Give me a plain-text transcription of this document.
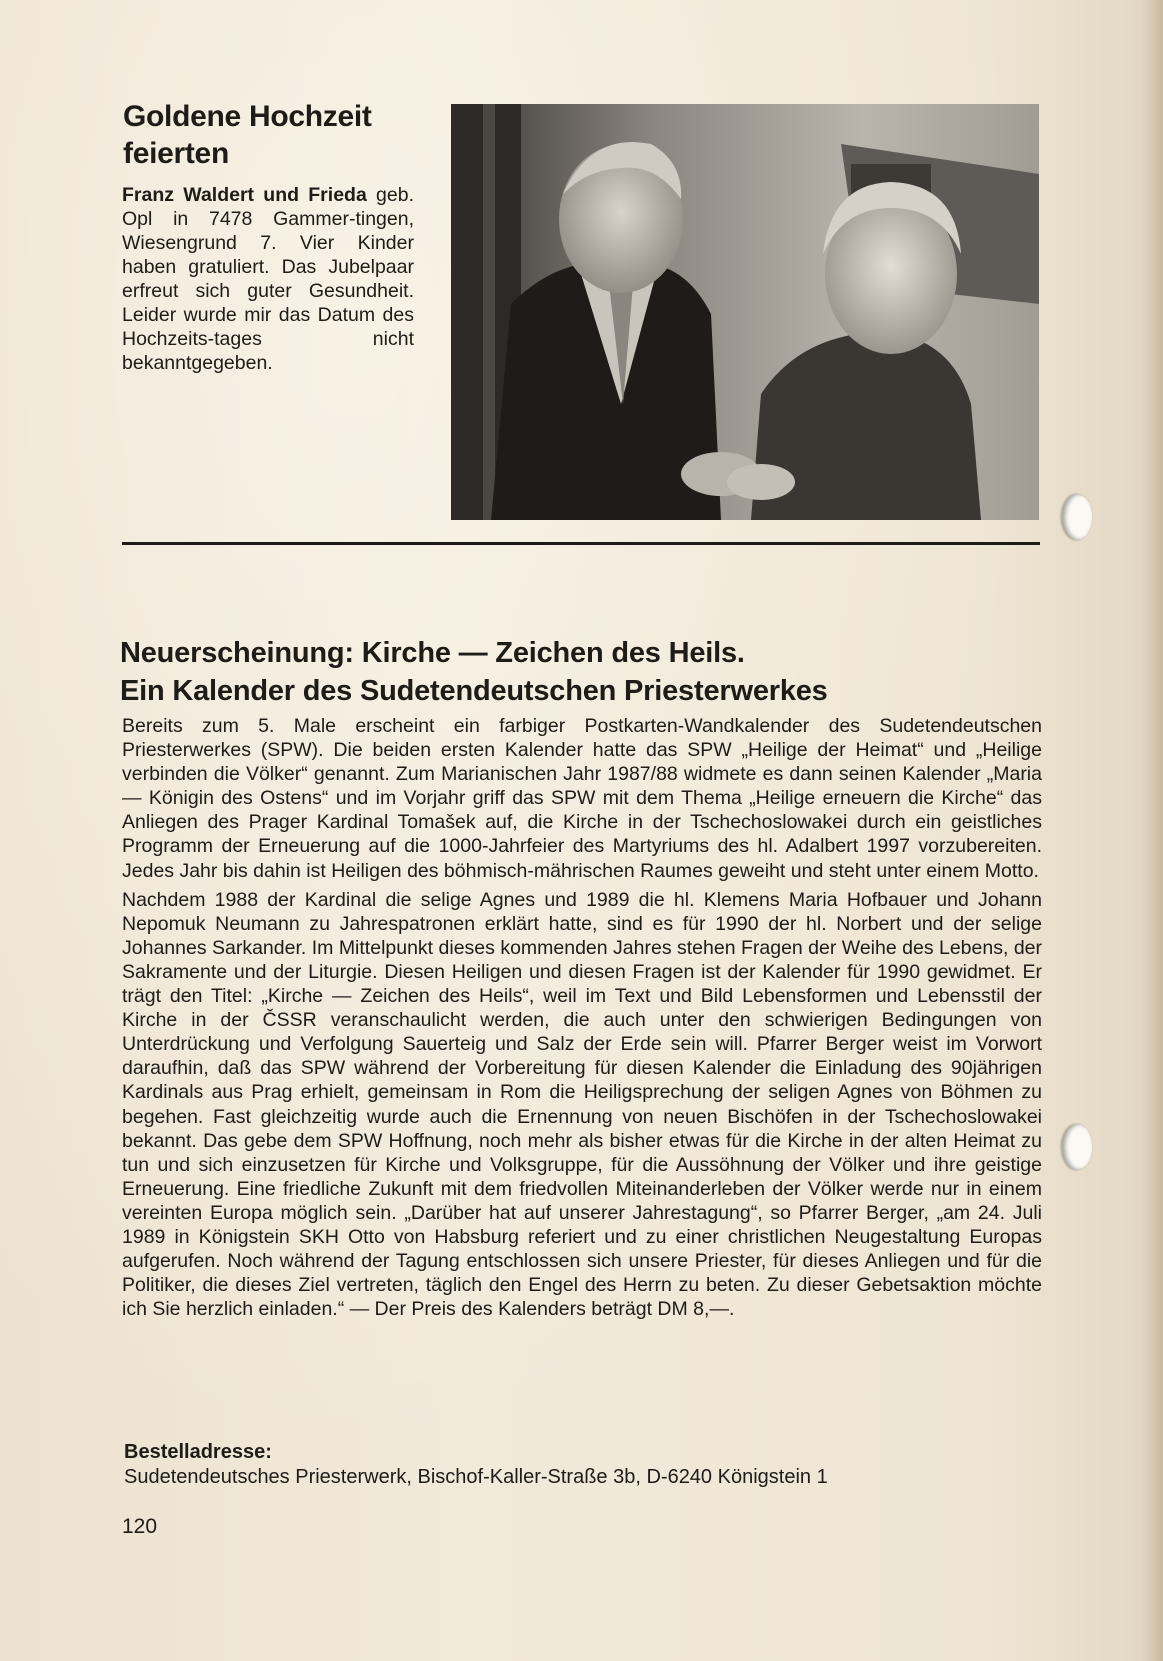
Goldene Hochzeit
feierten
Franz Waldert und Frieda geb. Opl in 7478 Gammer-tingen, Wiesengrund 7. Vier Kinder haben gratuliert. Das Jubelpaar erfreut sich guter Gesundheit. Leider wurde mir das Datum des Hochzeits-tages nicht bekanntgegeben.
Neuerscheinung: Kirche — Zeichen des Heils.
Ein Kalender des Sudetendeutschen Priesterwerkes

Bereits zum 5. Male erscheint ein farbiger Postkarten-Wandkalender des Sudetendeutschen Priesterwerkes (SPW). Die beiden ersten Kalender hatte das SPW „Heilige der Heimat“ und „Heilige verbinden die Völker“ genannt. Zum Marianischen Jahr 1987/88 widmete es dann seinen Kalender „Maria — Königin des Ostens“ und im Vorjahr griff das SPW mit dem Thema „Heilige erneuern die Kirche“ das Anliegen des Prager Kardinal Tomašek auf, die Kirche in der Tschechoslowakei durch ein geistliches Programm der Erneuerung auf die 1000-Jahrfeier des Martyriums des hl. Adalbert 1997 vorzubereiten. Jedes Jahr bis dahin ist Heiligen des böhmisch-mährischen Raumes geweiht und steht unter einem Motto.

Nachdem 1988 der Kardinal die selige Agnes und 1989 die hl. Klemens Maria Hofbauer und Johann Nepomuk Neumann zu Jahrespatronen erklärt hatte, sind es für 1990 der hl. Norbert und der selige Johannes Sarkander. Im Mittelpunkt dieses kommenden Jahres stehen Fragen der Weihe des Lebens, der Sakramente und der Liturgie. Diesen Heiligen und diesen Fragen ist der Kalender für 1990 gewidmet. Er trägt den Titel: „Kirche — Zeichen des Heils“, weil im Text und Bild Lebensformen und Lebensstil der Kirche in der ČSSR veranschaulicht werden, die auch unter den schwierigen Bedingungen von Unterdrückung und Verfolgung Sauerteig und Salz der Erde sein will. Pfarrer Berger weist im Vorwort daraufhin, daß das SPW während der Vorbereitung für diesen Kalender die Einladung des 90jährigen Kardinals aus Prag erhielt, gemeinsam in Rom die Heiligsprechung der seligen Agnes von Böhmen zu begehen. Fast gleichzeitig wurde auch die Ernennung von neuen Bischöfen in der Tschechoslowakei bekannt. Das gebe dem SPW Hoffnung, noch mehr als bisher etwas für die Kirche in der alten Heimat zu tun und sich einzusetzen für Kirche und Volksgruppe, für die Aussöhnung der Völker und ihre geistige Erneuerung. Eine friedliche Zukunft mit dem friedvollen Miteinanderleben der Völker werde nur in einem vereinten Europa möglich sein. „Darüber hat auf unserer Jahrestagung“, so Pfarrer Berger, „am 24. Juli 1989 in Königstein SKH Otto von Habsburg referiert und zu einer christlichen Neugestaltung Europas aufgerufen. Noch während der Tagung entschlossen sich unsere Priester, für dieses Anliegen und für die Politiker, die dieses Ziel vertreten, täglich den Engel des Herrn zu beten. Zu dieser Gebetsaktion möchte ich Sie herzlich einladen.“ — Der Preis des Kalenders beträgt DM 8,—.

Bestelladresse:
Sudetendeutsches Priesterwerk, Bischof-Kaller-Straße 3b, D-6240 Königstein 1
120
